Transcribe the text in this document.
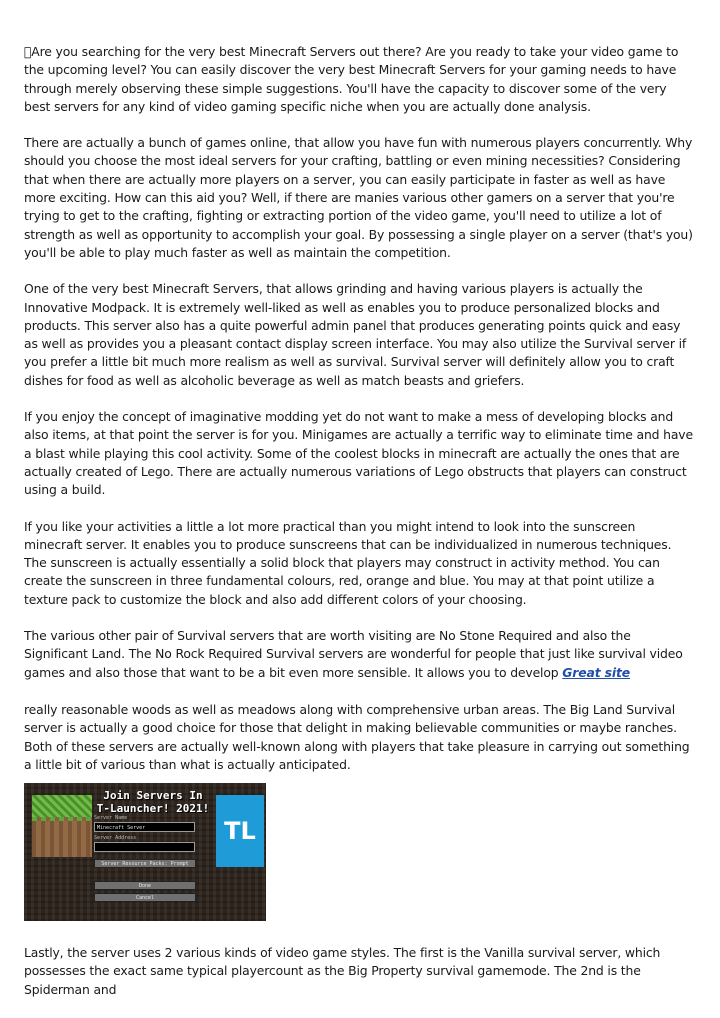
 Are you searching for the very best Minecraft Servers out there? Are you ready to take your video game to the upcoming level? You can easily discover the very best Minecraft Servers for your gaming needs to have through merely observing these simple suggestions. You'll have the capacity to discover some of the very best servers for any kind of video gaming specific niche when you are actually done analysis.

There are actually a bunch of games online, that allow you have fun with numerous players concurrently. Why should you choose the most ideal servers for your crafting, battling or even mining necessities? Considering that when there are actually more players on a server, you can easily participate in faster as well as have more exciting. How can this aid you? Well, if there are manies various other gamers on a server that you're trying to get to the crafting, fighting or extracting portion of the video game, you'll need to utilize a lot of strength as well as opportunity to accomplish your goal. By possessing a single player on a server (that's you) you'll be able to play much faster as well as maintain the competition.

One of the very best Minecraft Servers, that allows grinding and having various players is actually the Innovative Modpack. It is extremely well-liked as well as enables you to produce personalized blocks and products. This server also has a quite powerful admin panel that produces generating points quick and easy as well as provides you a pleasant contact display screen interface. You may also utilize the Survival server if you prefer a little bit much more realism as well as survival. Survival server will definitely allow you to craft dishes for food as well as alcoholic beverage as well as match beasts and griefers.

If you enjoy the concept of imaginative modding yet do not want to make a mess of developing blocks and also items, at that point the server is for you. Minigames are actually a terrific way to eliminate time and have a blast while playing this cool activity. Some of the coolest blocks in minecraft are actually the ones that are actually created of Lego. There are actually numerous variations of Lego obstructs that players can construct using a build.

If you like your activities a little a lot more practical than you might intend to look into the sunscreen minecraft server. It enables you to produce sunscreens that can be individualized in numerous techniques. The sunscreen is actually essentially a solid block that players may construct in activity method. You can create the sunscreen in three fundamental colours, red, orange and blue. You may at that point utilize a texture pack to customize the block and also add different colors of your choosing.

The various other pair of Survival servers that are worth visiting are No Stone Required and also the Significant Land. The No Rock Required Survival servers are wonderful for people that just like survival video games and also those that want to be a bit even more sensible. It allows you to develop Great site

really reasonable woods as well as meadows along with comprehensive urban areas. The Big Land Survival server is actually a good choice for those that delight in making believable communities or maybe ranches. Both of these servers are actually well-known along with players that take pleasure in carrying out something a little bit of various than what is actually anticipated.

Join Servers In
T-Launcher! 2021!
TL
Server Name
Minecraft Server
Server Address
Server Resource Packs: Prompt
Done
Cancel

Lastly, the server uses 2 various kinds of video game styles. The first is the Vanilla survival server, which possesses the exact same typical playercount as the Big Property survival gamemode. The 2nd is the Spiderman and
